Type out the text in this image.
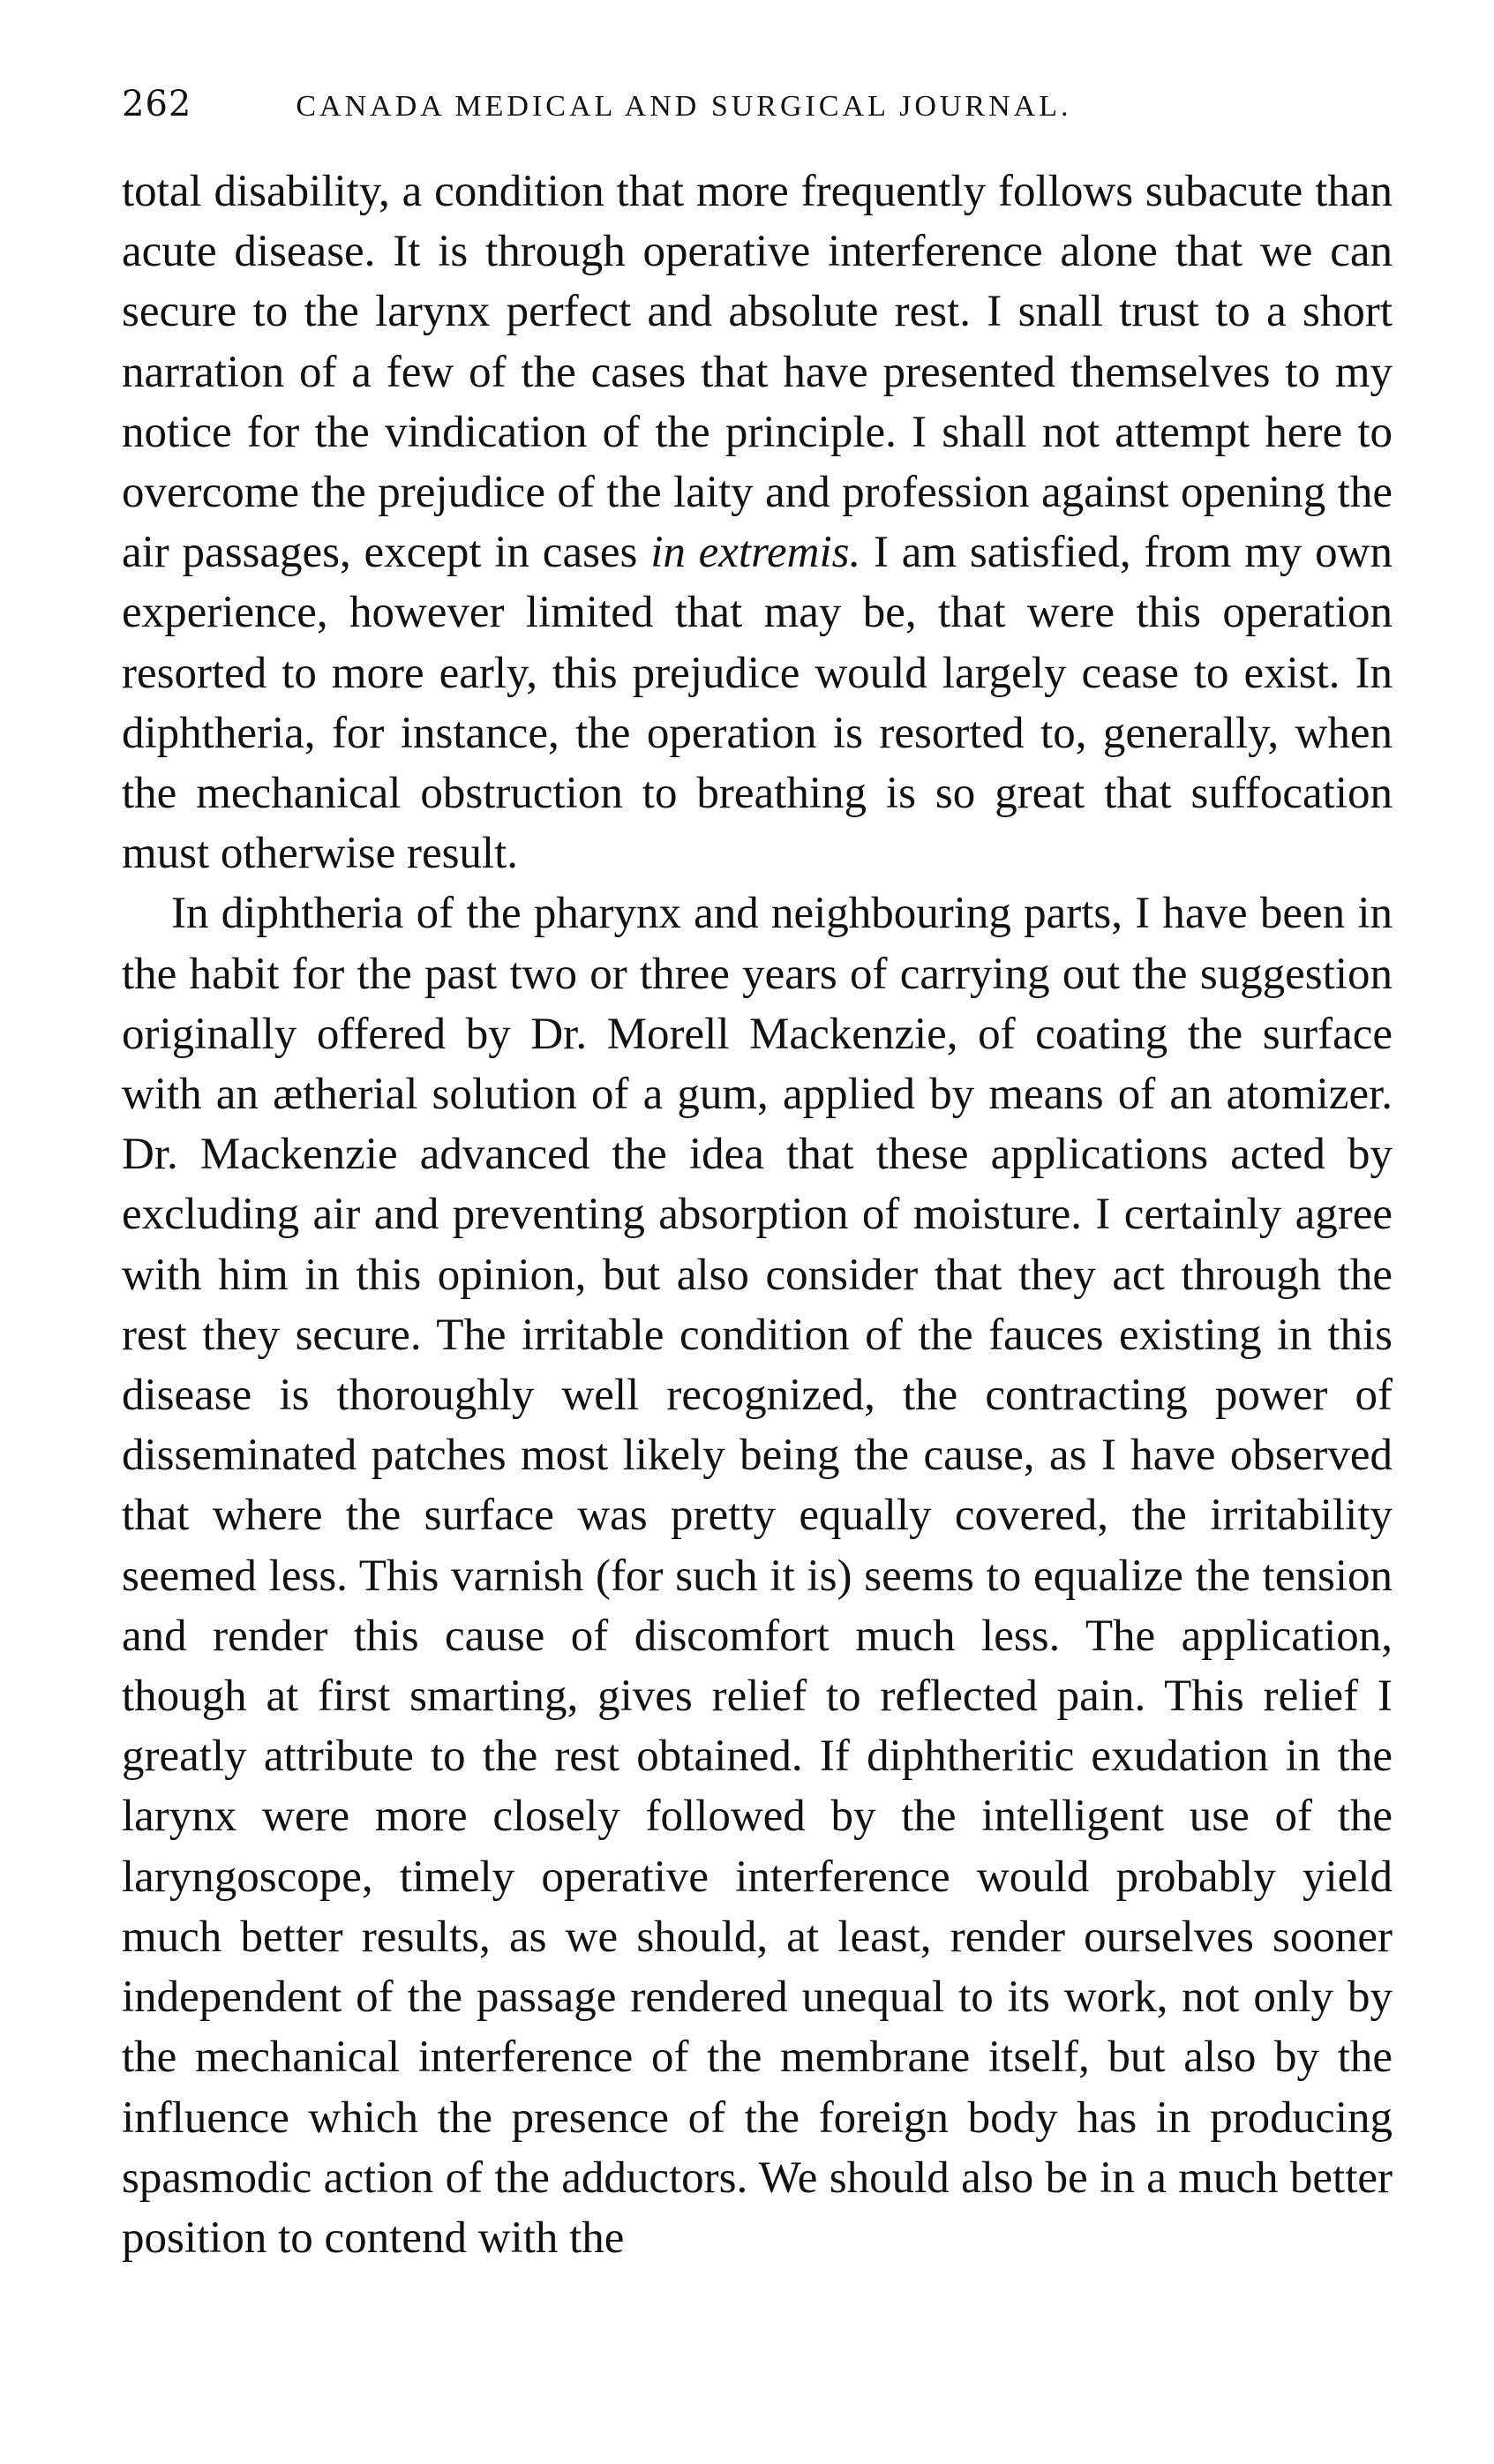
262	CANADA MEDICAL AND SURGICAL JOURNAL.

total disability, a condition that more frequently follows subacute than acute disease. It is through operative interference alone that we can secure to the larynx perfect and absolute rest. I snall trust to a short narration of a few of the cases that have presented themselves to my notice for the vindication of the principle. I shall not attempt here to overcome the prejudice of the laity and profession against opening the air passages, except in cases in extremis. I am satisfied, from my own experience, however limited that may be, that were this operation resorted to more early, this prejudice would largely cease to exist. In diphtheria, for instance, the operation is resorted to, generally, when the mechanical obstruction to breathing is so great that suffocation must otherwise result.

In diphtheria of the pharynx and neighbouring parts, I have been in the habit for the past two or three years of carrying out the suggestion originally offered by Dr. Morell Mackenzie, of coating the surface with an ætherial solution of a gum, applied by means of an atomizer. Dr. Mackenzie advanced the idea that these applications acted by excluding air and preventing absorption of moisture. I certainly agree with him in this opinion, but also consider that they act through the rest they secure. The irritable condition of the fauces existing in this disease is thoroughly well recognized, the contracting power of disseminated patches most likely being the cause, as I have observed that where the surface was pretty equally covered, the irritability seemed less. This varnish (for such it is) seems to equalize the tension and render this cause of discomfort much less. The application, though at first smarting, gives relief to reflected pain. This relief I greatly attribute to the rest obtained. If diphtheritic exudation in the larynx were more closely followed by the intelligent use of the laryngoscope, timely operative interference would probably yield much better results, as we should, at least, render ourselves sooner independent of the passage rendered unequal to its work, not only by the mechanical interference of the membrane itself, but also by the influence which the presence of the foreign body has in producing spasmodic action of the adductors. We should also be in a much better position to contend with the
